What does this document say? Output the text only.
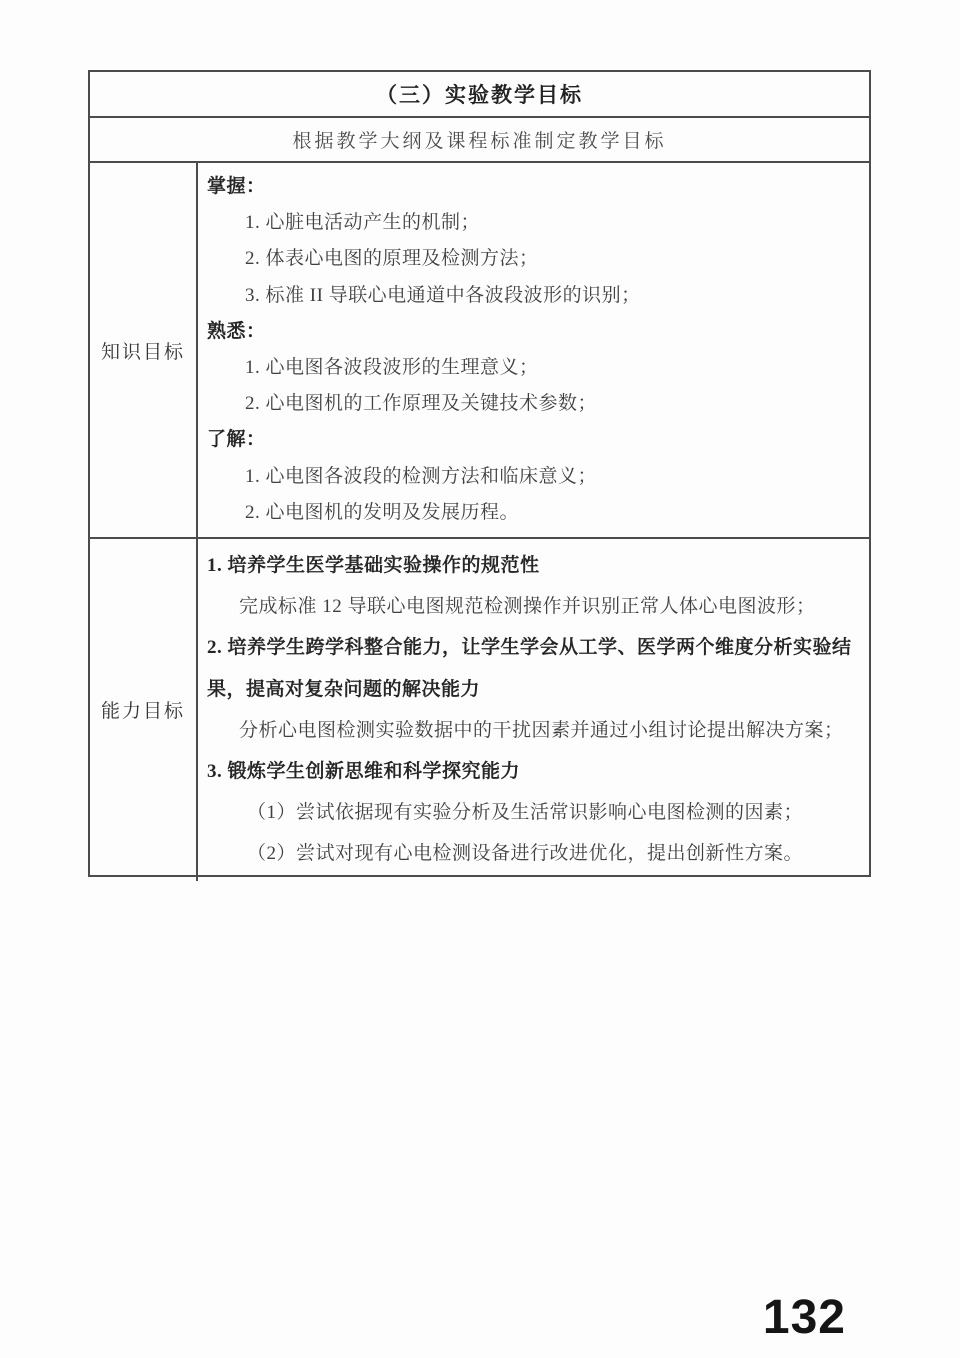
（三）实验教学目标
根据教学大纲及课程标准制定教学目标
知识目标
掌握：
1. 心脏电活动产生的机制；
2. 体表心电图的原理及检测方法；
3. 标准 II 导联心电通道中各波段波形的识别；
熟悉：
1. 心电图各波段波形的生理意义；
2. 心电图机的工作原理及关键技术参数；
了解：
1. 心电图各波段的检测方法和临床意义；
2. 心电图机的发明及发展历程。
能力目标
1. 培养学生医学基础实验操作的规范性
完成标准 12 导联心电图规范检测操作并识别正常人体心电图波形；
2. 培养学生跨学科整合能力，让学生学会从工学、医学两个维度分析实验结果，提高对复杂问题的解决能力
分析心电图检测实验数据中的干扰因素并通过小组讨论提出解决方案；
3. 锻炼学生创新思维和科学探究能力
（1）尝试依据现有实验分析及生活常识影响心电图检测的因素；
（2）尝试对现有心电检测设备进行改进优化，提出创新性方案。
132
